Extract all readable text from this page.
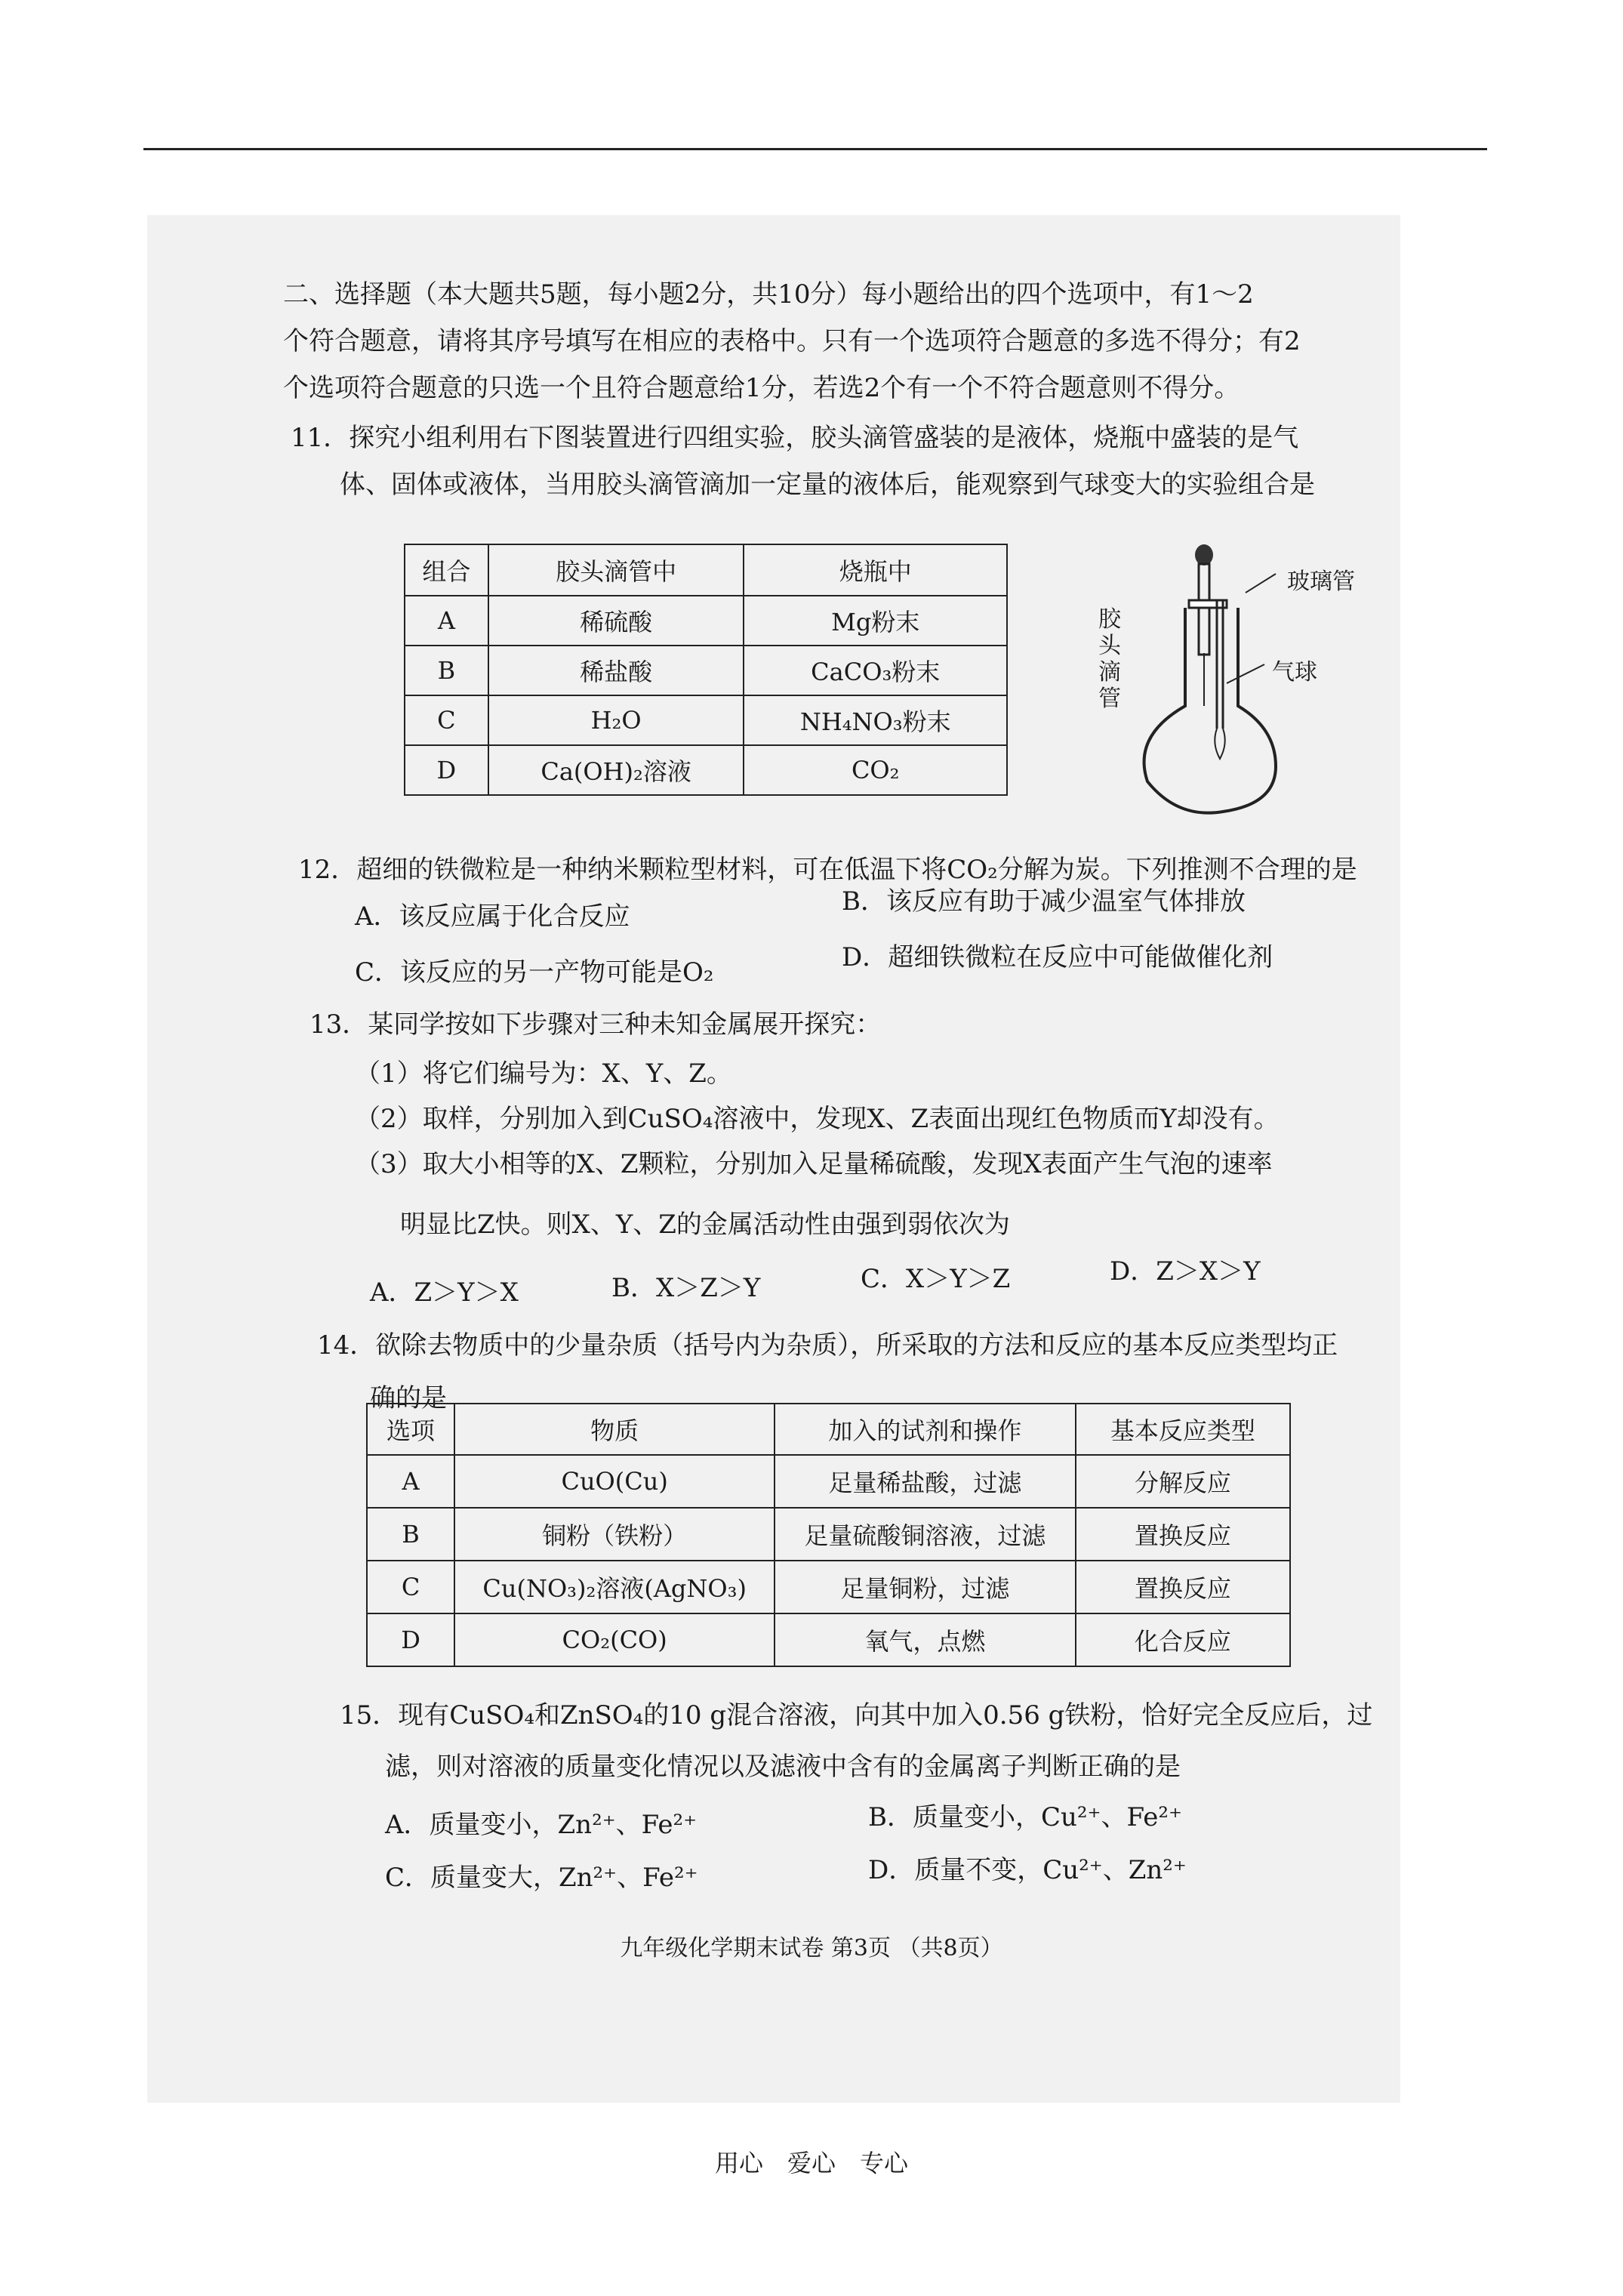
二、选择题（本大题共5题，每小题2分，共10分）每小题给出的四个选项中，有1～2
个符合题意，请将其序号填写在相应的表格中。只有一个选项符合题意的多选不得分；有2
个选项符合题意的只选一个且符合题意给1分，若选2个有一个不符合题意则不得分。
11．探究小组利用右下图装置进行四组实验，胶头滴管盛装的是液体，烧瓶中盛装的是气
体、固体或液体，当用胶头滴管滴加一定量的液体后，能观察到气球变大的实验组合是
组合	胶头滴管中	烧瓶中
A	稀硫酸	Mg粉末
B	稀盐酸	CaCO₃粉末
C	H₂O	NH₄NO₃粉末
D	Ca(OH)₂溶液	CO₂
玻璃管
胶
头
滴
管
气球
12．超细的铁微粒是一种纳米颗粒型材料，可在低温下将CO₂分解为炭。下列推测不合理的是
A．该反应属于化合反应	B．该反应有助于减少温室气体排放
C．该反应的另一产物可能是O₂	D．超细铁微粒在反应中可能做催化剂
13．某同学按如下步骤对三种未知金属展开探究：
（1）将它们编号为：X、Y、Z。
（2）取样，分别加入到CuSO₄溶液中，发现X、Z表面出现红色物质而Y却没有。
（3）取大小相等的X、Z颗粒，分别加入足量稀硫酸，发现X表面产生气泡的速率
明显比Z快。则X、Y、Z的金属活动性由强到弱依次为
A．Z＞Y＞X	B．X＞Z＞Y	C．X＞Y＞Z	D．Z＞X＞Y
14．欲除去物质中的少量杂质（括号内为杂质），所采取的方法和反应的基本反应类型均正
确的是
选项	物质	加入的试剂和操作	基本反应类型
A	CuO(Cu)	足量稀盐酸，过滤	分解反应
B	铜粉（铁粉）	足量硫酸铜溶液，过滤	置换反应
C	Cu(NO₃)₂溶液(AgNO₃)	足量铜粉，过滤	置换反应
D	CO₂(CO)	氧气，点燃	化合反应
15．现有CuSO₄和ZnSO₄的10 g混合溶液，向其中加入0.56 g铁粉，恰好完全反应后，过
滤，则对溶液的质量变化情况以及滤液中含有的金属离子判断正确的是
A．质量变小，Zn²⁺、Fe²⁺	B．质量变小，Cu²⁺、Fe²⁺
C．质量变大，Zn²⁺、Fe²⁺	D．质量不变，Cu²⁺、Zn²⁺
九年级化学期末试卷 第3页 （共8页）
用心　爱心　专心
